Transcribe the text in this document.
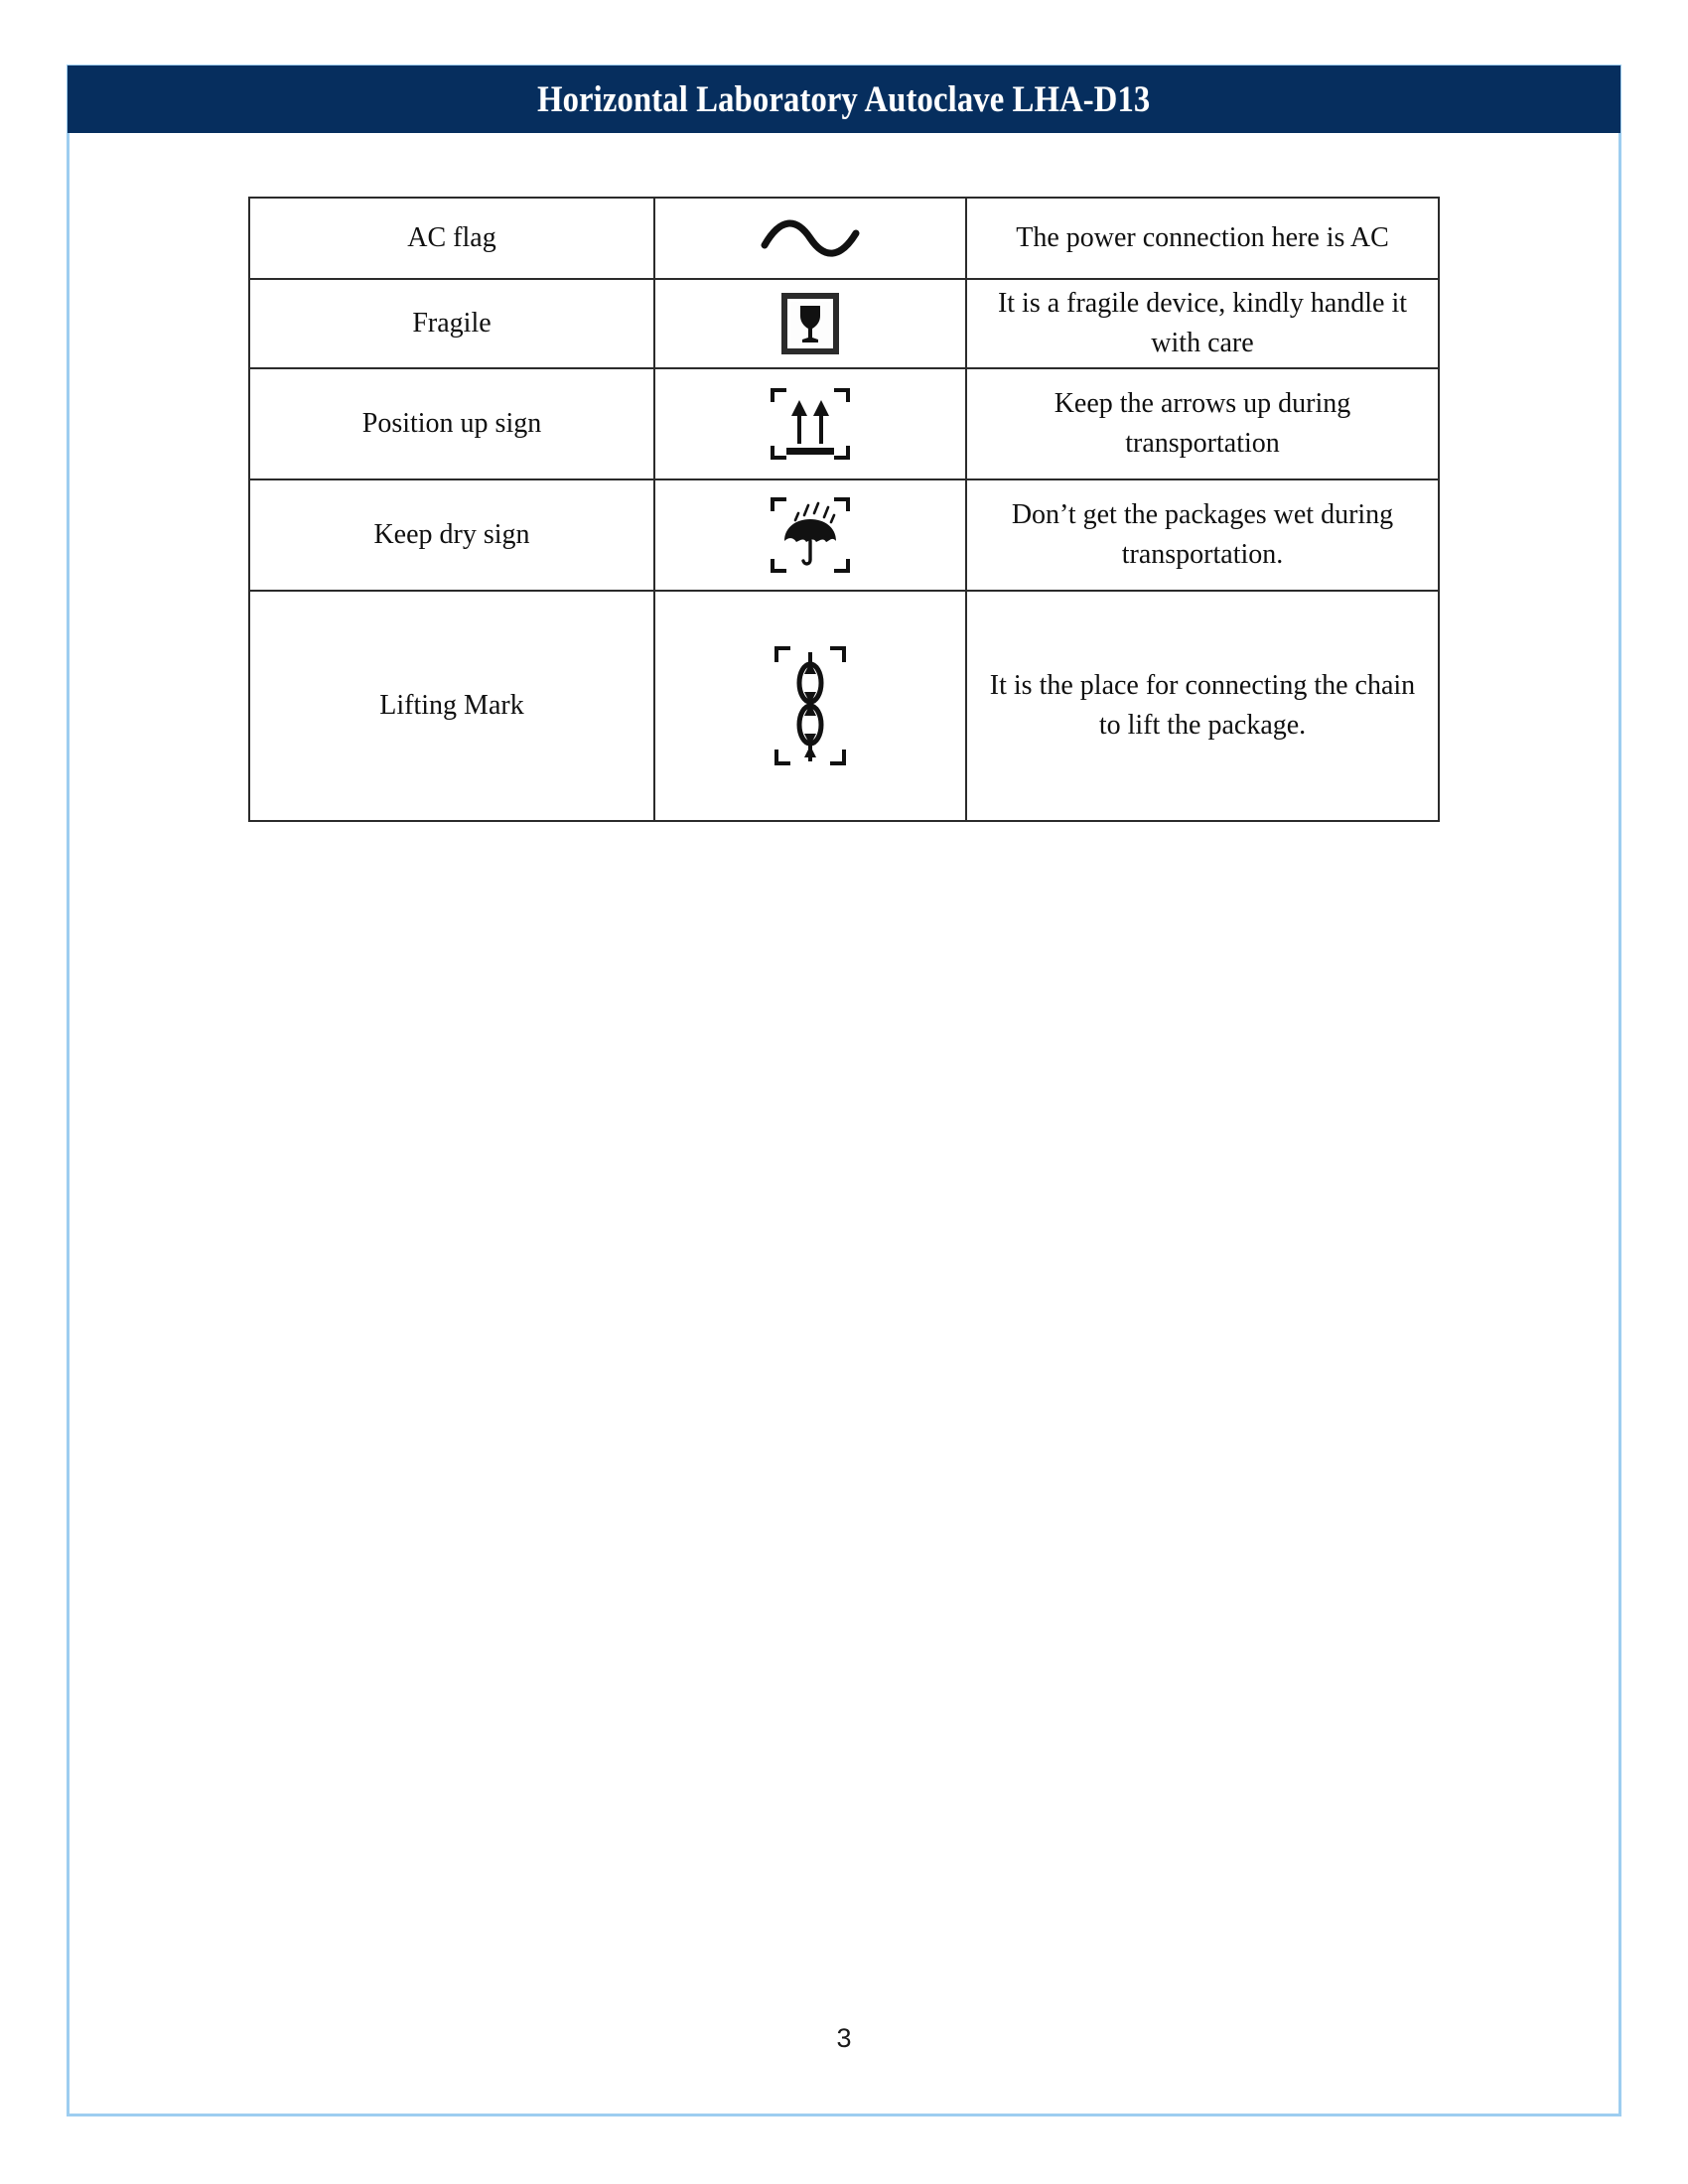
Horizontal Laboratory Autoclave LHA-D13
AC flag		The power connection here is AC
Fragile		It is a fragile device, kindly handle it with care
Position up sign		Keep the arrows up during transportation
Keep dry sign		Don’t get the packages wet during transportation.
Lifting Mark		It is the place for connecting the chain to lift the package.
3
